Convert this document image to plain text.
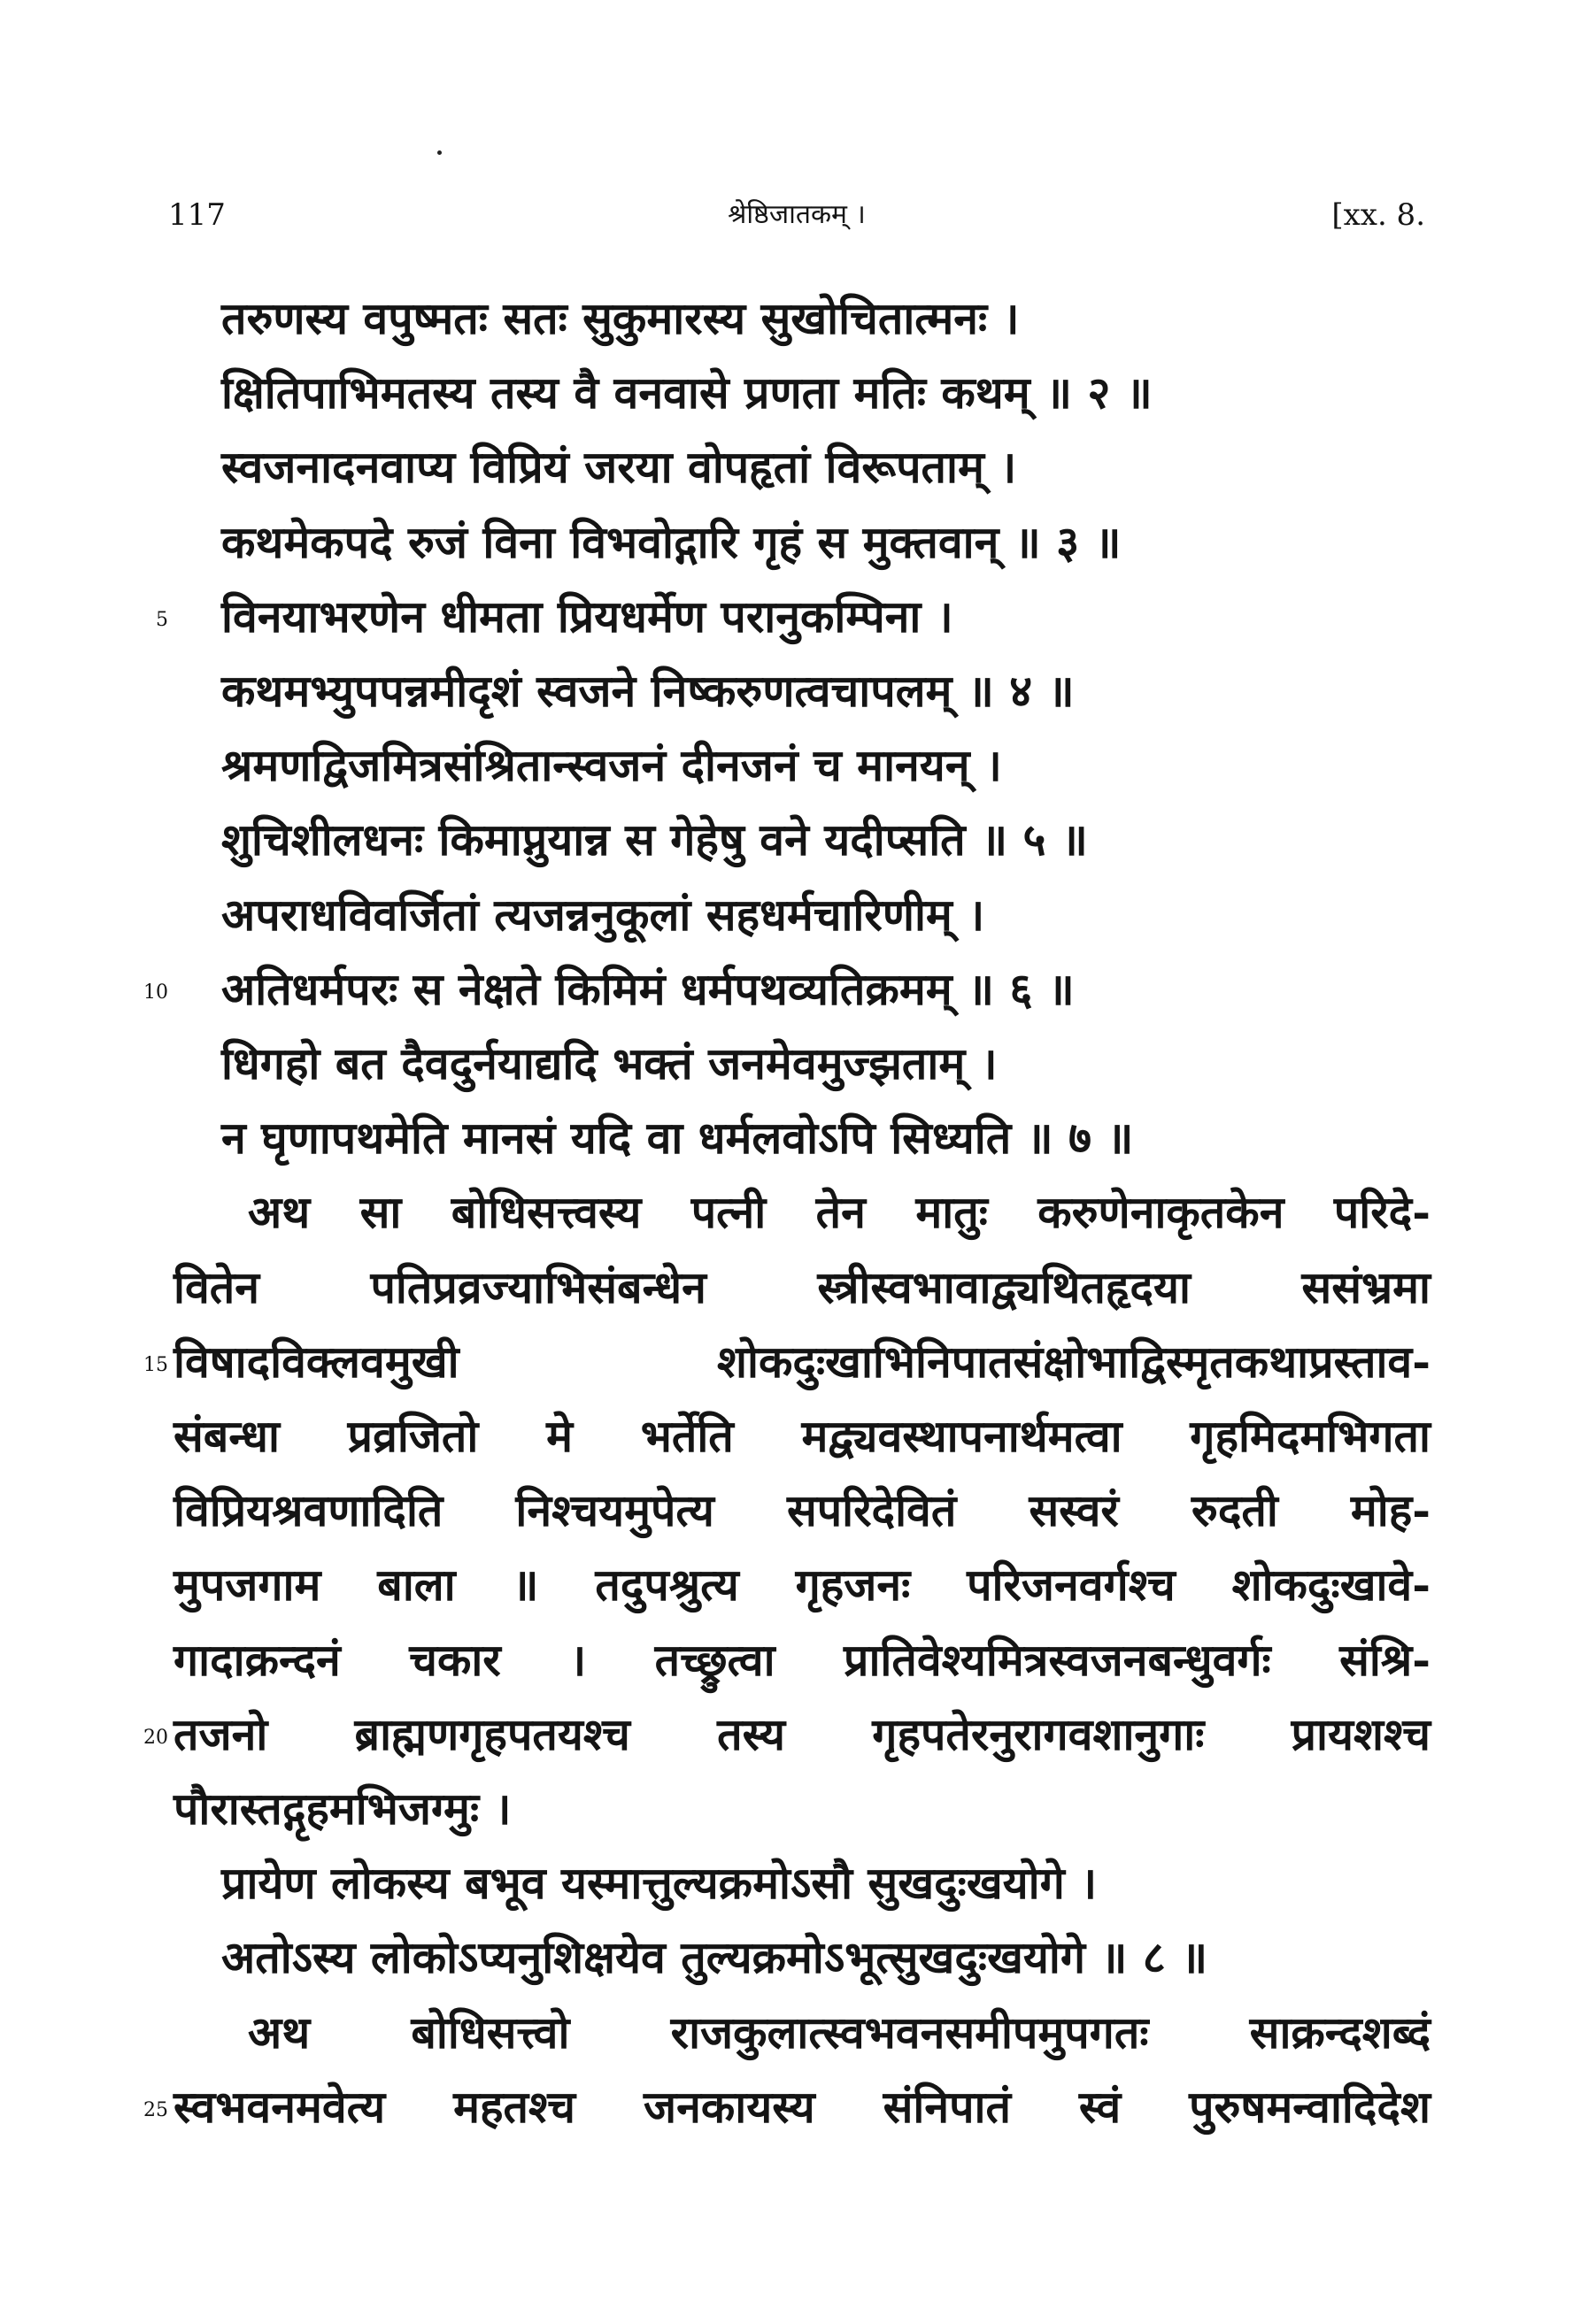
117	श्रेष्ठिजातकम् ।	[xx. 8.
तरुणस्य वपुष्मतः सतः सुकुमारस्य सुखोचितात्मनः ।
क्षितिपाभिमतस्य तस्य वै वनवासे प्रणता मतिः कथम् ॥ २ ॥
स्वजनादनवाप्य विप्रियं जरया वोपहृतां विरूपताम् ।
कथमेकपदे रुजं विना विभवोद्गारि गृहं स मुक्तवान् ॥ ३ ॥
विनयाभरणेन धीमता प्रियधर्मेण परानुकम्पिना ।
5
कथमभ्युपपन्नमीदृशं स्वजने निष्करुणत्वचापलम् ॥ ४ ॥
श्रमणद्विजमित्रसंश्रितान्स्वजनं दीनजनं च मानयन् ।
शुचिशीलधनः किमाप्नुयान्न स गेहेषु वने यदीप्सति ॥ ५ ॥
अपराधविवर्जितां त्यजन्ननुकूलां सहधर्मचारिणीम् ।
अतिधर्मपरः स नेक्षते किमिमं धर्मपथव्यतिक्रमम् ॥ ६ ॥
10
धिगहो बत दैवदुर्नयाद्यदि भक्तं जनमेवमुज्झताम् ।
न घृणापथमेति मानसं यदि वा धर्मलवोऽपि सिध्यति ॥ ७ ॥
अथ सा बोधिसत्त्वस्य पत्नी तेन मातुः करुणेनाकृतकेन परिदे-
वितेन पतिप्रव्रज्याभिसंबन्धेन स्त्रीस्वभावाद्व्यथितहृदया ससंभ्रमा
विषादविक्लवमुखी शोकदुःखाभिनिपातसंक्षोभाद्विस्मृतकथाप्रस्ताव-
15
संबन्धा प्रव्रजितो मे भर्तेति मद्व्यवस्थापनार्थमत्वा गृहमिदमभिगता
विप्रियश्रवणादिति निश्चयमुपेत्य सपरिदेवितं सस्वरं रुदती मोह-
मुपजगाम बाला ॥ तदुपश्रुत्य गृहजनः परिजनवर्गश्च शोकदुःखावे-
गादाक्रन्दनं चकार । तच्छ्रुत्वा प्रातिवेश्यमित्रस्वजनबन्धुवर्गः संश्रि-
तजनो ब्राह्मणगृहपतयश्च तस्य गृहपतेरनुरागवशानुगाः प्रायशश्च
20
पौरास्तद्गृहमभिजग्मुः ।
प्रायेण लोकस्य बभूव यस्मात्तुल्यक्रमोऽसौ सुखदुःखयोगे ।
अतोऽस्य लोकोऽप्यनुशिक्षयेव तुल्यक्रमोऽभूत्सुखदुःखयोगे ॥ ८ ॥
अथ बोधिसत्त्वो राजकुलात्स्वभवनसमीपमुपगतः साक्रन्दशब्दं
स्वभवनमवेत्य महतश्च जनकायस्य संनिपातं स्वं पुरुषमन्वादिदेश
25
